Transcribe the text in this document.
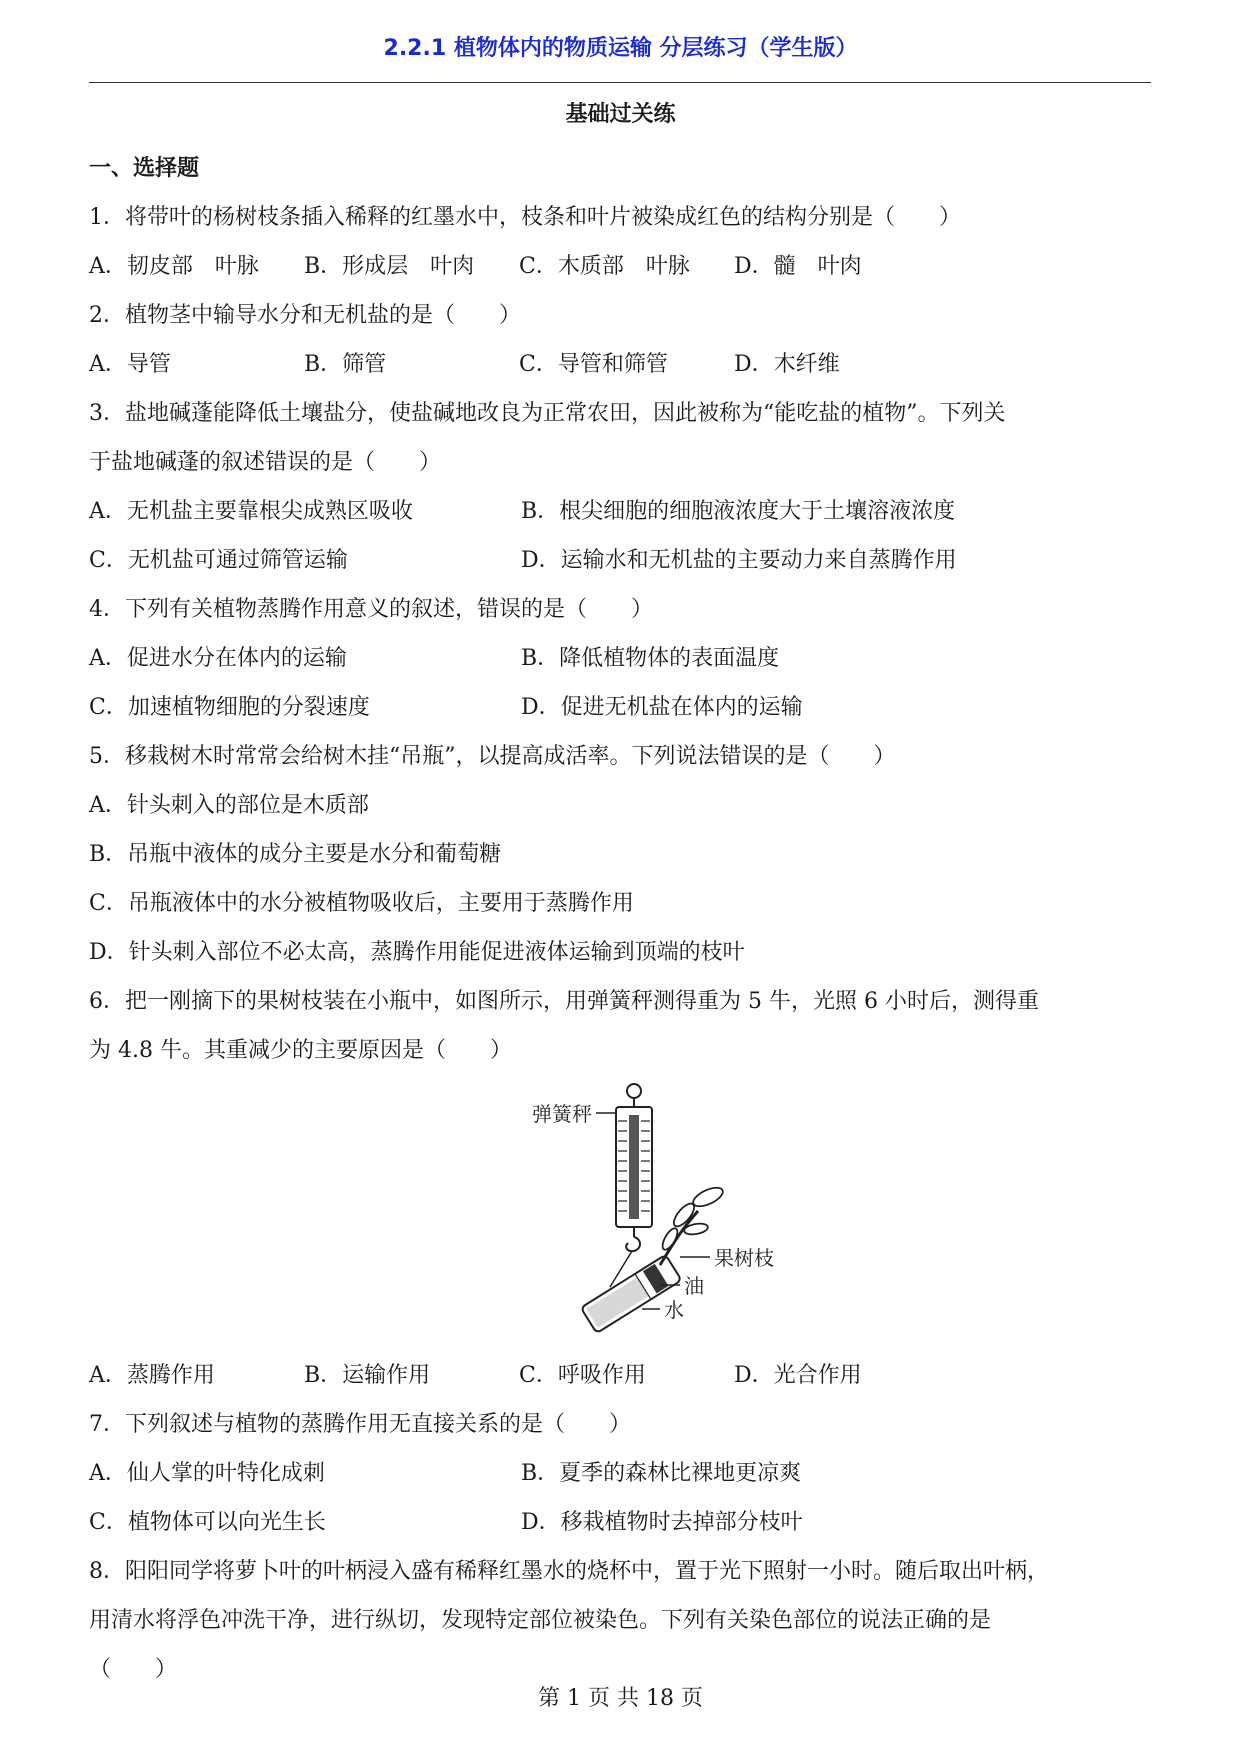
2.2.1 植物体内的物质运输 分层练习（学生版）
基础过关练
一、选择题
1．将带叶的杨树枝条插入稀释的红墨水中，枝条和叶片被染成红色的结构分别是（　　）
A．韧皮部　叶脉	B．形成层　叶肉	C．木质部　叶脉	D．髓　叶肉
2．植物茎中输导水分和无机盐的是（　　）
A．导管	B．筛管	C．导管和筛管	D．木纤维
3．盐地碱蓬能降低土壤盐分，使盐碱地改良为正常农田，因此被称为“能吃盐的植物”。下列关
于盐地碱蓬的叙述错误的是（　　）
A．无机盐主要靠根尖成熟区吸收	B．根尖细胞的细胞液浓度大于土壤溶液浓度
C．无机盐可通过筛管运输	D．运输水和无机盐的主要动力来自蒸腾作用
4．下列有关植物蒸腾作用意义的叙述，错误的是（　　）
A．促进水分在体内的运输	B．降低植物体的表面温度
C．加速植物细胞的分裂速度	D．促进无机盐在体内的运输
5．移栽树木时常常会给树木挂“吊瓶”，以提高成活率。下列说法错误的是（　　）
A．针头刺入的部位是木质部
B．吊瓶中液体的成分主要是水分和葡萄糖
C．吊瓶液体中的水分被植物吸收后，主要用于蒸腾作用
D．针头刺入部位不必太高，蒸腾作用能促进液体运输到顶端的枝叶
6．把一刚摘下的果树枝装在小瓶中，如图所示，用弹簧秤测得重为 5 牛，光照 6 小时后，测得重
为 4.8 牛。其重减少的主要原因是（　　）
弹簧秤
果树枝
油
水
A．蒸腾作用	B．运输作用	C．呼吸作用	D．光合作用
7．下列叙述与植物的蒸腾作用无直接关系的是（　　）
A．仙人掌的叶特化成刺	B．夏季的森林比裸地更凉爽
C．植物体可以向光生长	D．移栽植物时去掉部分枝叶
8．阳阳同学将萝卜叶的叶柄浸入盛有稀释红墨水的烧杯中，置于光下照射一小时。随后取出叶柄，
用清水将浮色冲洗干净，进行纵切，发现特定部位被染色。下列有关染色部位的说法正确的是
（　　）
第 1 页 共 18 页
